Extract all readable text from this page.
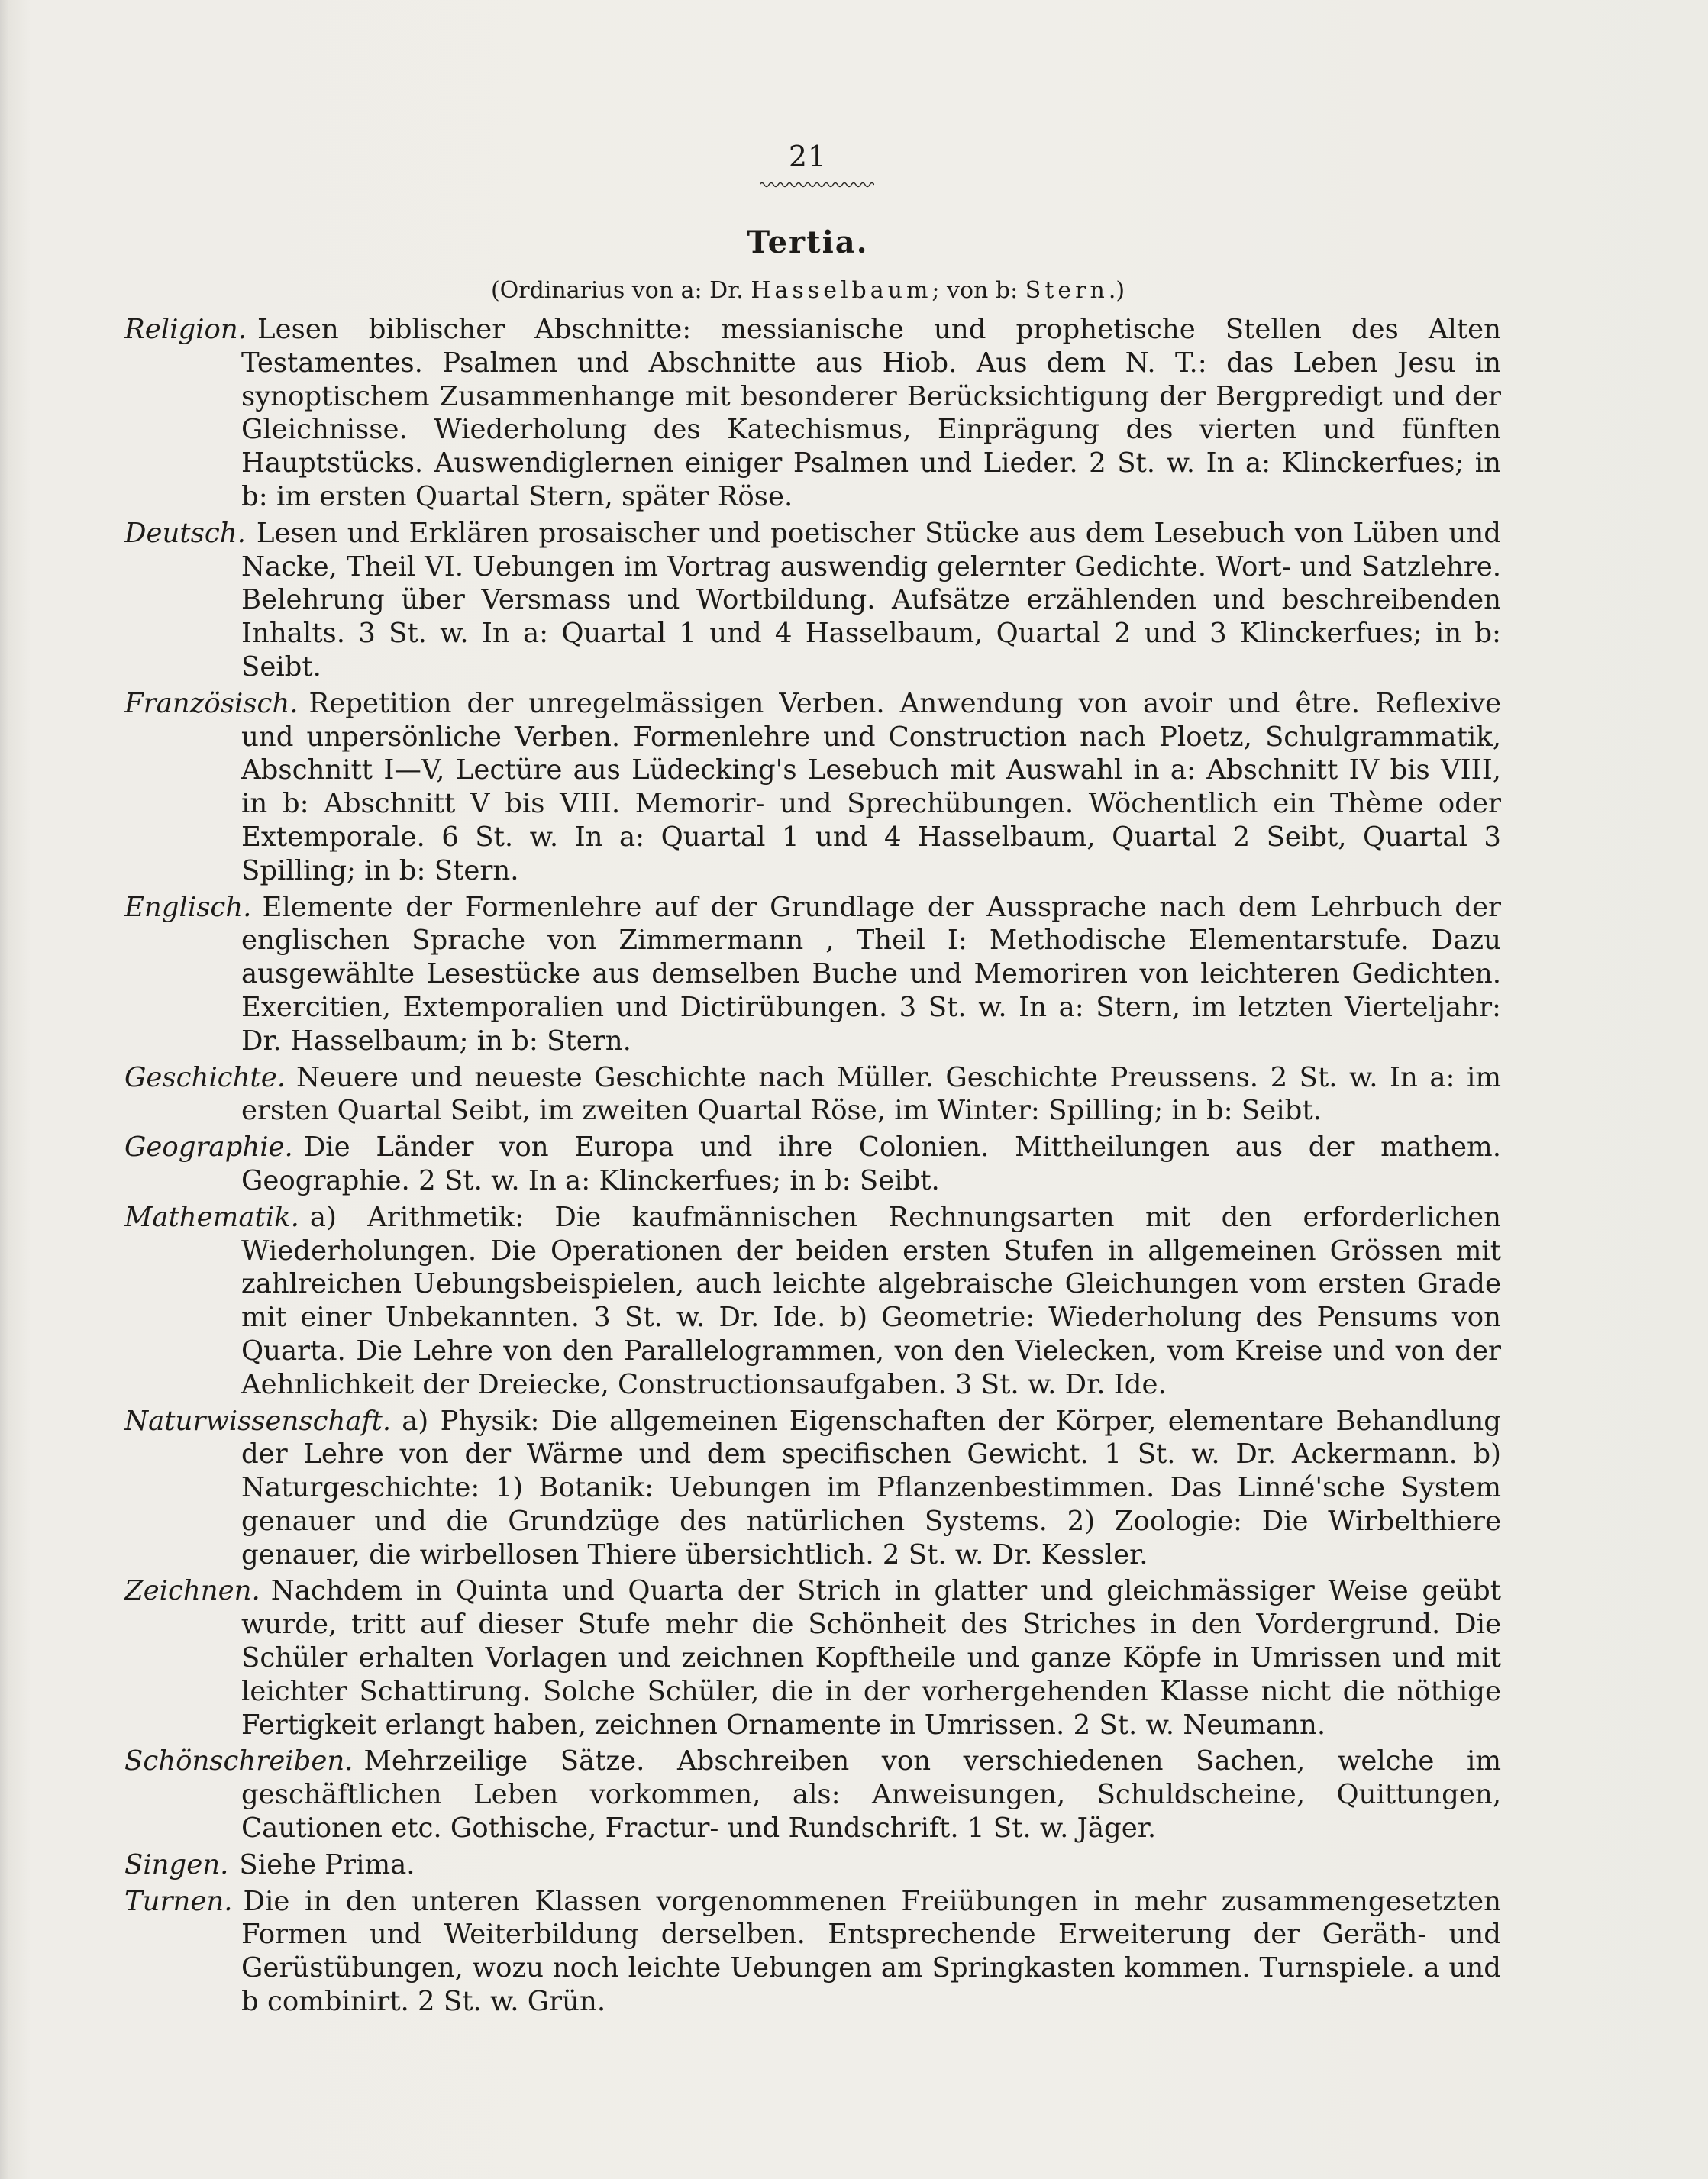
21
Tertia.
(Ordinarius von a: Dr. Hasselbaum; von b: Stern.)

Religion. Lesen biblischer Abschnitte: messianische und prophetische Stellen des Alten Testamentes. Psalmen und Abschnitte aus Hiob. Aus dem N. T.: das Leben Jesu in synoptischem Zusammenhange mit besonderer Berücksichtigung der Bergpredigt und der Gleichnisse. Wiederholung des Katechismus, Einprägung des vierten und fünften Hauptstücks. Auswendiglernen einiger Psalmen und Lieder. 2 St. w. In a: Klinckerfues; in b: im ersten Quartal Stern, später Röse.

Deutsch. Lesen und Erklären prosaischer und poetischer Stücke aus dem Lesebuch von Lüben und Nacke, Theil VI. Uebungen im Vortrag auswendig gelernter Gedichte. Wort- und Satzlehre. Belehrung über Versmass und Wortbildung. Aufsätze erzählenden und beschreibenden Inhalts. 3 St. w. In a: Quartal 1 und 4 Hasselbaum, Quartal 2 und 3 Klinckerfues; in b: Seibt.

Französisch. Repetition der unregelmässigen Verben. Anwendung von avoir und être. Reflexive und unpersönliche Verben. Formenlehre und Construction nach Ploetz, Schulgrammatik, Abschnitt I—V, Lectüre aus Lüdecking's Lesebuch mit Auswahl in a: Abschnitt IV bis VIII, in b: Abschnitt V bis VIII. Memorir- und Sprechübungen. Wöchentlich ein Thème oder Extemporale. 6 St. w. In a: Quartal 1 und 4 Hasselbaum, Quartal 2 Seibt, Quartal 3 Spilling; in b: Stern.

Englisch. Elemente der Formenlehre auf der Grundlage der Aussprache nach dem Lehrbuch der englischen Sprache von Zimmermann , Theil I: Methodische Elementarstufe. Dazu ausgewählte Lesestücke aus demselben Buche und Memoriren von leichteren Gedichten. Exercitien, Extemporalien und Dictirübungen. 3 St. w. In a: Stern, im letzten Vierteljahr: Dr. Hasselbaum; in b: Stern.

Geschichte. Neuere und neueste Geschichte nach Müller. Geschichte Preussens. 2 St. w. In a: im ersten Quartal Seibt, im zweiten Quartal Röse, im Winter: Spilling; in b: Seibt.

Geographie. Die Länder von Europa und ihre Colonien. Mittheilungen aus der mathem. Geographie. 2 St. w. In a: Klinckerfues; in b: Seibt.

Mathematik. a) Arithmetik: Die kaufmännischen Rechnungsarten mit den erforderlichen Wiederholungen. Die Operationen der beiden ersten Stufen in allgemeinen Grössen mit zahlreichen Uebungsbeispielen, auch leichte algebraische Gleichungen vom ersten Grade mit einer Unbekannten. 3 St. w. Dr. Ide. b) Geometrie: Wiederholung des Pensums von Quarta. Die Lehre von den Parallelogrammen, von den Vielecken, vom Kreise und von der Aehnlichkeit der Dreiecke, Constructionsaufgaben. 3 St. w. Dr. Ide.

Naturwissenschaft. a) Physik: Die allgemeinen Eigenschaften der Körper, elementare Behandlung der Lehre von der Wärme und dem specifischen Gewicht. 1 St. w. Dr. Ackermann. b) Naturgeschichte: 1) Botanik: Uebungen im Pflanzenbestimmen. Das Linné'sche System genauer und die Grundzüge des natürlichen Systems. 2) Zoologie: Die Wirbelthiere genauer, die wirbellosen Thiere übersichtlich. 2 St. w. Dr. Kessler.

Zeichnen. Nachdem in Quinta und Quarta der Strich in glatter und gleichmässiger Weise geübt wurde, tritt auf dieser Stufe mehr die Schönheit des Striches in den Vordergrund. Die Schüler erhalten Vorlagen und zeichnen Kopftheile und ganze Köpfe in Umrissen und mit leichter Schattirung. Solche Schüler, die in der vorhergehenden Klasse nicht die nöthige Fertigkeit erlangt haben, zeichnen Ornamente in Umrissen. 2 St. w. Neumann.

Schönschreiben. Mehrzeilige Sätze. Abschreiben von verschiedenen Sachen, welche im geschäftlichen Leben vorkommen, als: Anweisungen, Schuldscheine, Quittungen, Cautionen etc. Gothische, Fractur- und Rundschrift. 1 St. w. Jäger.

Singen. Siehe Prima.

Turnen. Die in den unteren Klassen vorgenommenen Freiübungen in mehr zusammengesetzten Formen und Weiterbildung derselben. Entsprechende Erweiterung der Geräth- und Gerüstübungen, wozu noch leichte Uebungen am Springkasten kommen. Turnspiele. a und b combinirt. 2 St. w. Grün.
